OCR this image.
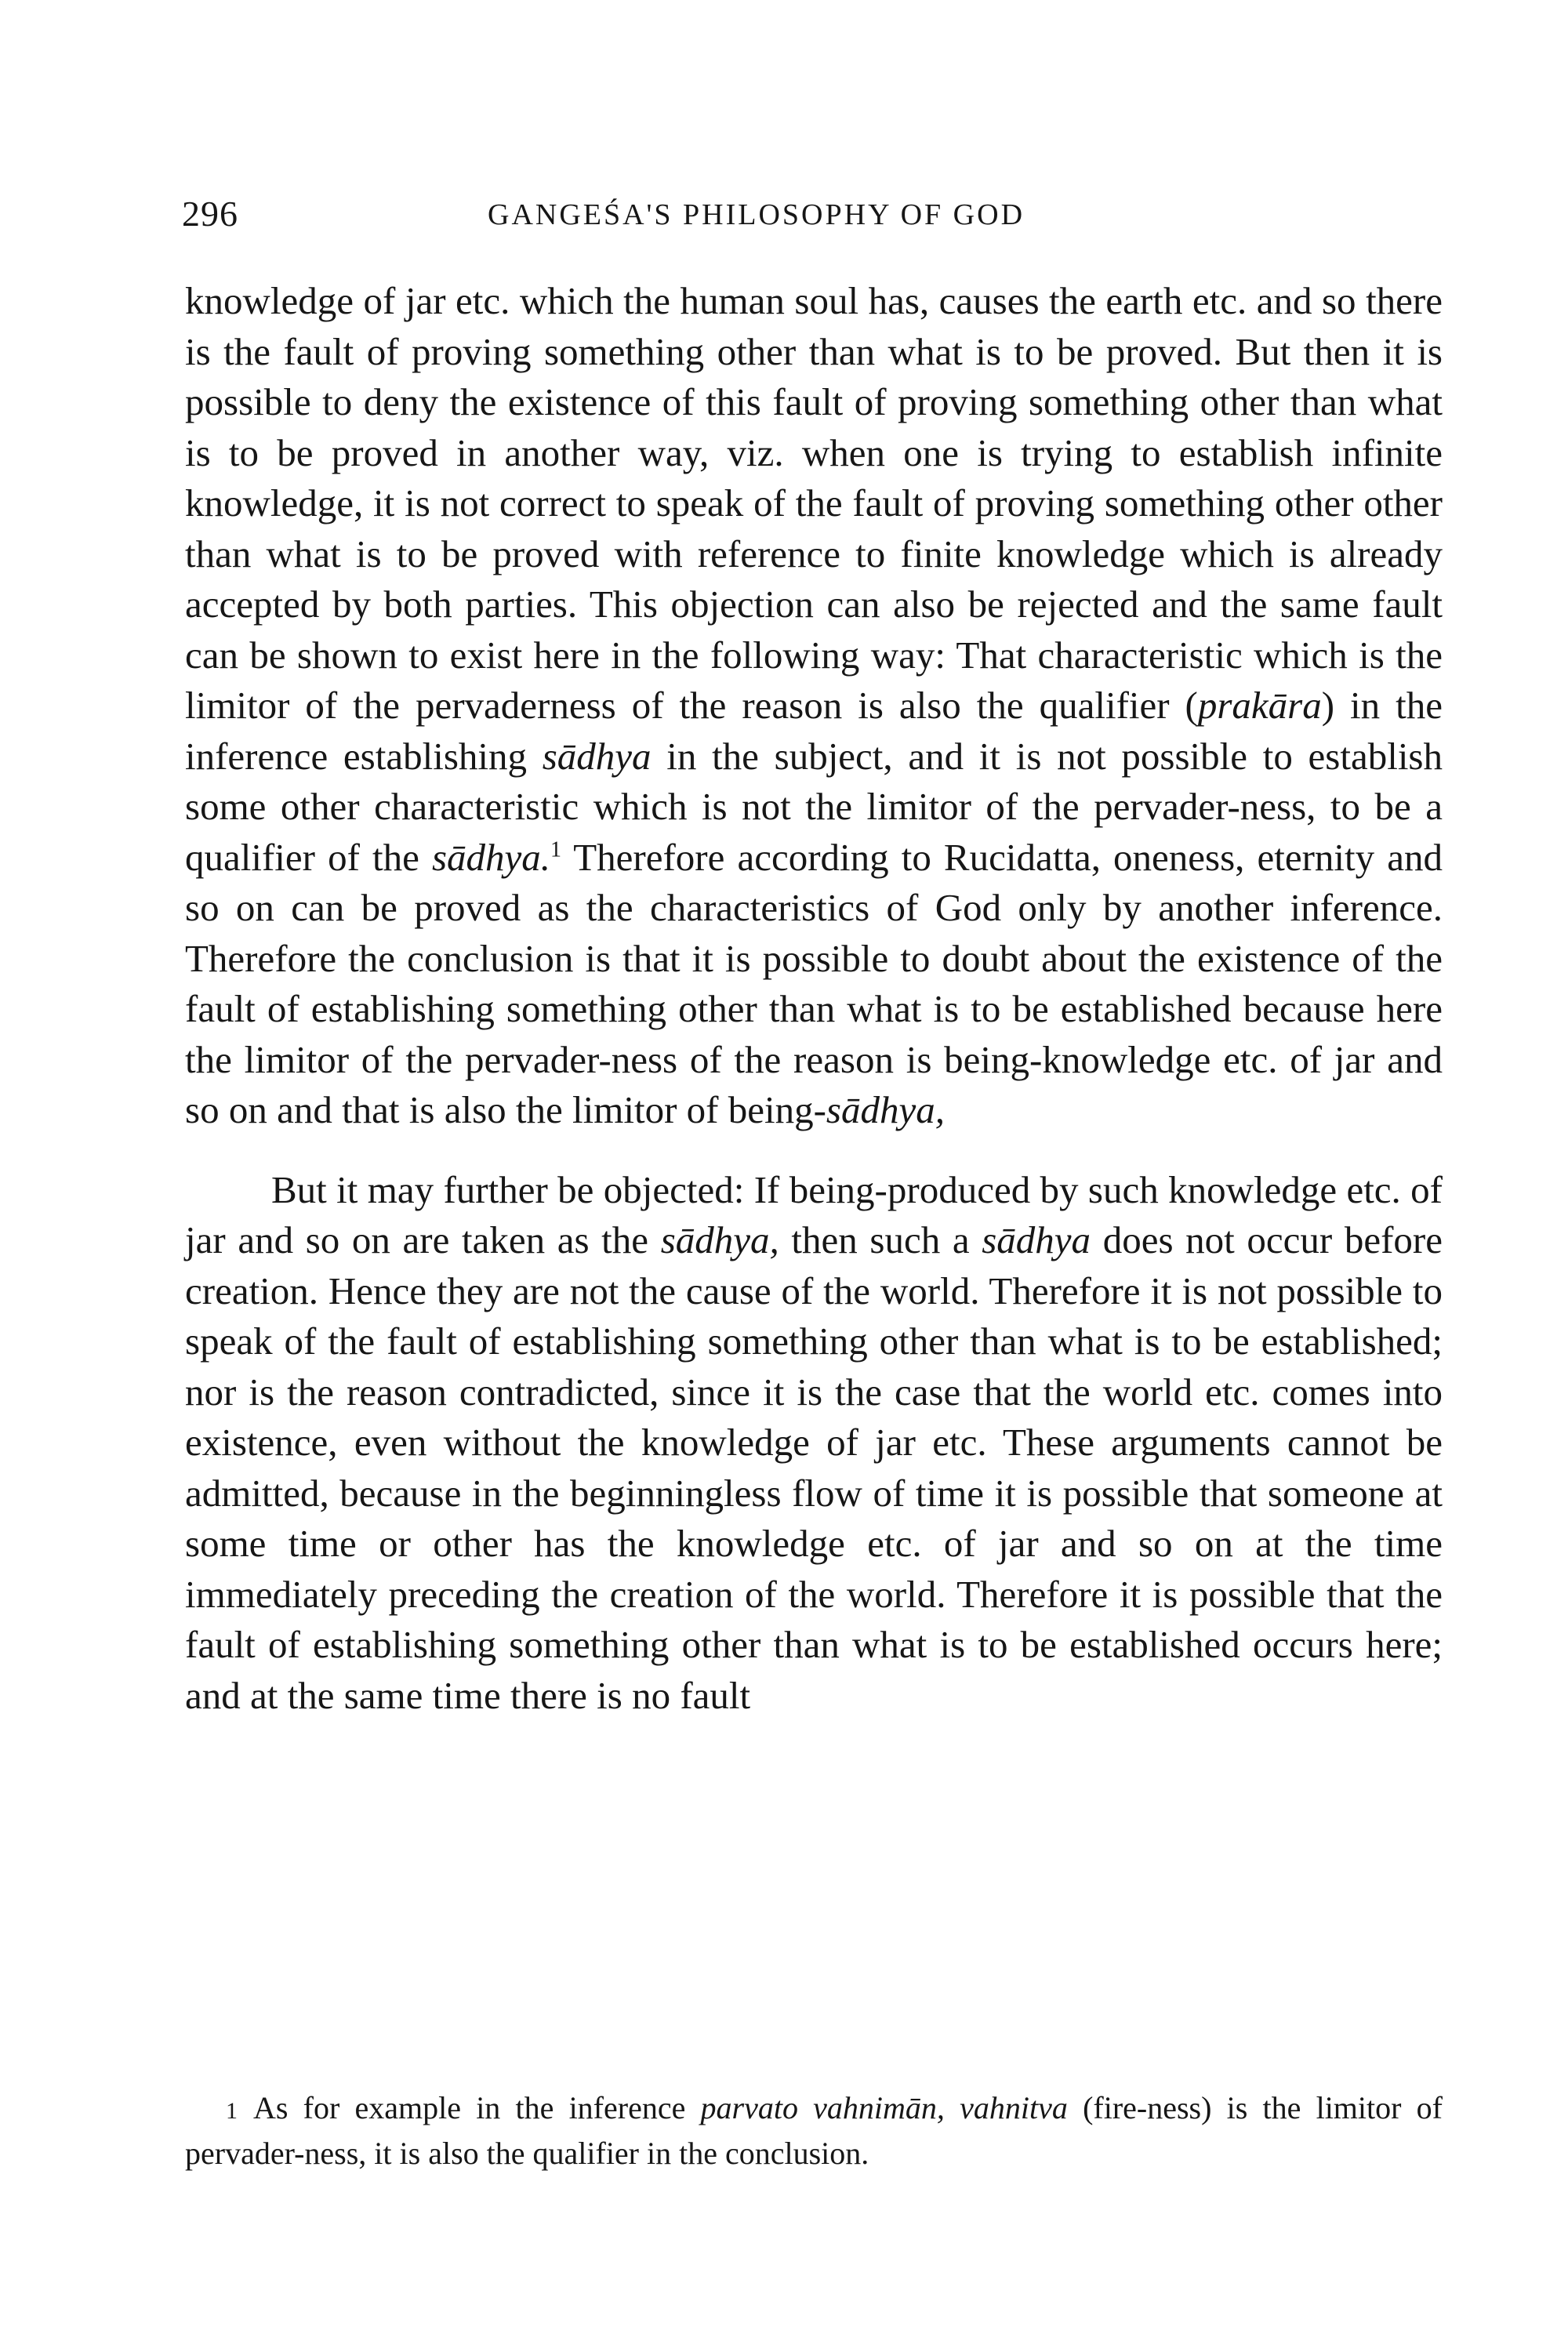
296	GANGEŚA'S PHILOSOPHY OF GOD

knowledge of jar etc. which the human soul has, causes the earth etc. and so there is the fault of proving something other than what is to be proved. But then it is possible to deny the existence of this fault of proving something other than what is to be proved in another way, viz. when one is trying to establish infinite knowledge, it is not correct to speak of the fault of proving something other other than what is to be proved with reference to finite knowledge which is already accepted by both parties. This objection can also be rejected and the same fault can be shown to exist here in the following way: That characteristic which is the limitor of the pervaderness of the reason is also the qualifier (prakāra) in the inference establishing sādhya in the subject, and it is not possible to establish some other characteristic which is not the limitor of the pervader-ness, to be a qualifier of the sādhya.$^1$ Therefore according to Rucidatta, oneness, eternity and so on can be proved as the characteristics of God only by another inference. Therefore the conclusion is that it is possible to doubt about the existence of the fault of establishing something other than what is to be established because here the limitor of the pervader-ness of the reason is being-knowledge etc. of jar and so on and that is also the limitor of being-sādhya,

But it may further be objected: If being-produced by such knowledge etc. of jar and so on are taken as the sādhya, then such a sādhya does not occur before creation. Hence they are not the cause of the world. Therefore it is not possible to speak of the fault of establishing something other than what is to be established; nor is the reason contradicted, since it is the case that the world etc. comes into existence, even without the knowledge of jar etc. These arguments cannot be admitted, because in the beginningless flow of time it is possible that someone at some time or other has the knowledge etc. of jar and so on at the time immediately preceding the creation of the world. Therefore it is possible that the fault of establishing something other than what is to be established occurs here; and at the same time there is no fault

1 As for example in the inference parvato vahnimān, vahnitva (fire-ness) is the limitor of pervader-ness, it is also the qualifier in the conclusion.
